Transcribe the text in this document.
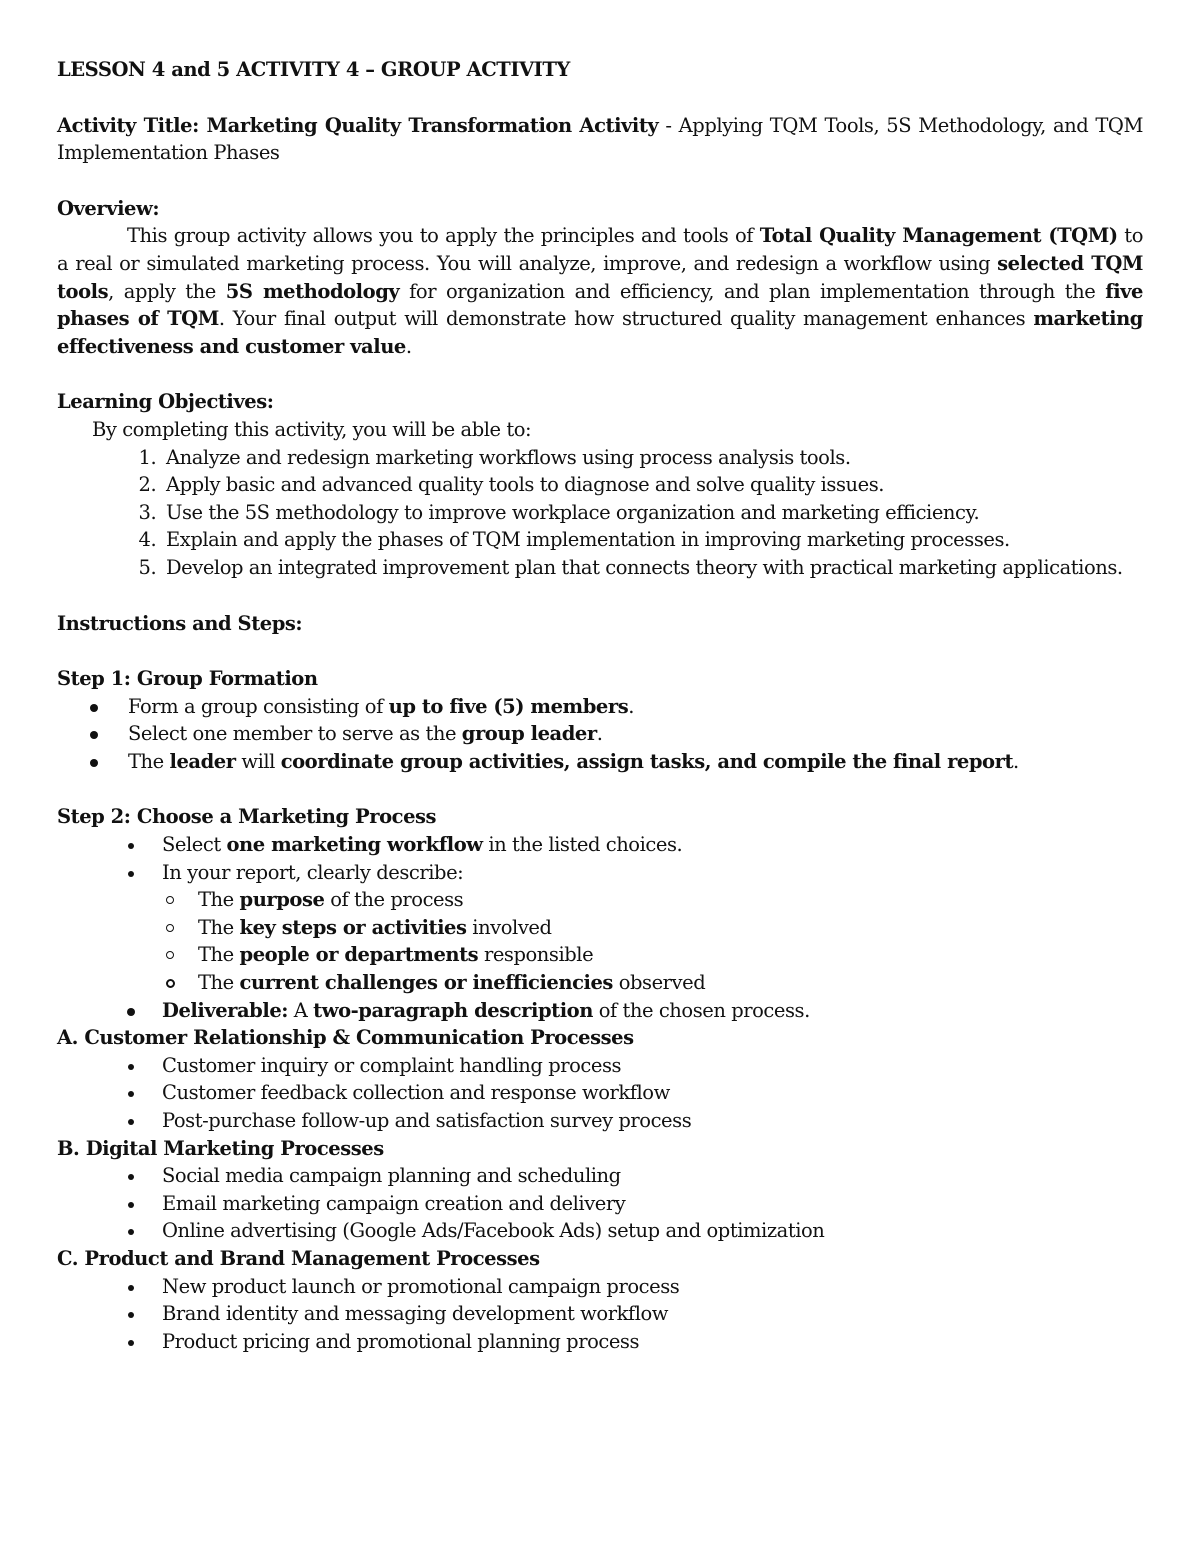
LESSON 4 and 5 ACTIVITY 4 – GROUP ACTIVITY

Activity Title: Marketing Quality Transformation Activity - Applying TQM Tools, 5S Methodology, and TQM Implementation Phases

Overview:

This group activity allows you to apply the principles and tools of Total Quality Management (TQM) to a real or simulated marketing process. You will analyze, improve, and redesign a workflow using selected TQM tools, apply the 5S methodology for organization and efficiency, and plan implementation through the five phases of TQM. Your final output will demonstrate how structured quality management enhances marketing effectiveness and customer value.

Learning Objectives:

By completing this activity, you will be able to:

1. Analyze and redesign marketing workflows using process analysis tools.
2. Apply basic and advanced quality tools to diagnose and solve quality issues.
3. Use the 5S methodology to improve workplace organization and marketing efficiency.
4. Explain and apply the phases of TQM implementation in improving marketing processes.
5. Develop an integrated improvement plan that connects theory with practical marketing applications.

Instructions and Steps:

Step 1: Group Formation

Form a group consisting of up to five (5) members.
Select one member to serve as the group leader.
The leader will coordinate group activities, assign tasks, and compile the final report.

Step 2: Choose a Marketing Process

Select one marketing workflow in the listed choices.
In your report, clearly describe:
The purpose of the process
The key steps or activities involved
The people or departments responsible
The current challenges or inefficiencies observed
Deliverable: A two-paragraph description of the chosen process.

A. Customer Relationship & Communication Processes

Customer inquiry or complaint handling process
Customer feedback collection and response workflow
Post-purchase follow-up and satisfaction survey process

B. Digital Marketing Processes

Social media campaign planning and scheduling
Email marketing campaign creation and delivery
Online advertising (Google Ads/Facebook Ads) setup and optimization

C. Product and Brand Management Processes

New product launch or promotional campaign process
Brand identity and messaging development workflow
Product pricing and promotional planning process
